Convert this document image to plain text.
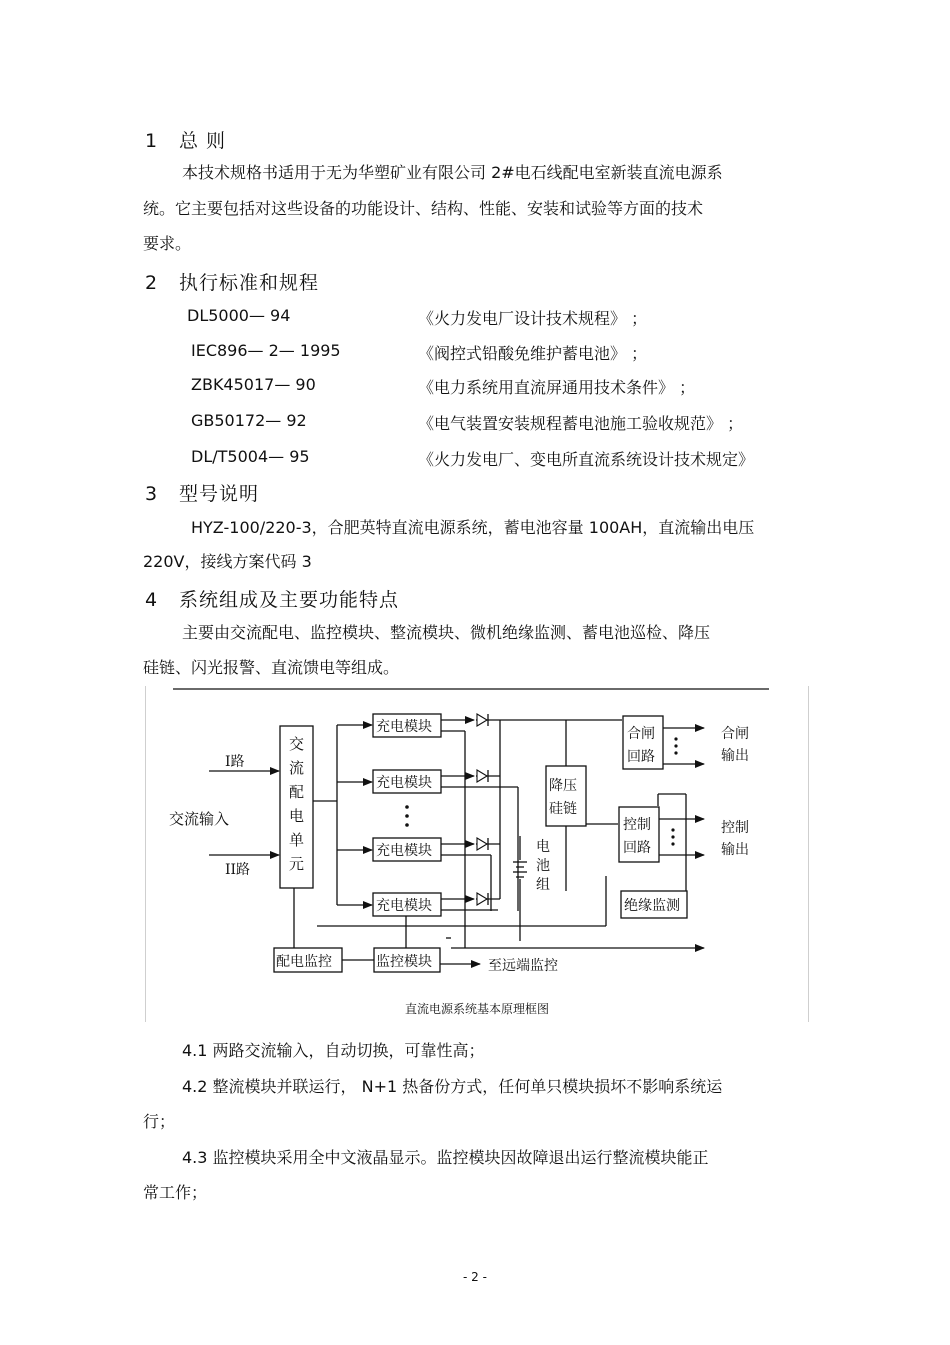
1 总 则
本技术规格书适用于无为华塑矿业有限公司 2#电石线配电室新装直流电源系
统。它主要包括对这些设备的功能设计、结构、性能、安装和试验等方面的技术
要求。
2 执行标准和规程
DL5000— 94	《火力发电厂设计技术规程》 ；
IEC896— 2— 1995	《阀控式铅酸免维护蓄电池》 ；
ZBK45017— 90	《电力系统用直流屏通用技术条件》 ；
GB50172— 92	《电气装置安装规程蓄电池施工验收规范》 ；
DL/T5004— 95	《火力发电厂、变电所直流系统设计技术规定》
3 型号说明
HYZ-100/220-3，合肥英特直流电源系统，蓄电池容量 100AH，直流输出电压
220V，接线方案代码 3
4 系统组成及主要功能特点
主要由交流配电、监控模块、整流模块、微机绝缘监测、蓄电池巡检、降压
硅链、闪光报警、直流馈电等组成。
I路
交流输入
II路
交
流
配
电
单
元
充电模块
充电模块
充电模块
充电模块
降压
硅链
电
池
组
合闸
回路
合闸
输出
控制
回路
控制
输出
绝缘监测
配电监控	监控模块	至远端监控
直流电源系统基本原理框图
4.1 两路交流输入，自动切换，可靠性高；
4.2 整流模块并联运行， N+1 热备份方式，任何单只模块损坏不影响系统运
行；
4.3 监控模块采用全中文液晶显示。监控模块因故障退出运行整流模块能正
常工作；
- 2 -
